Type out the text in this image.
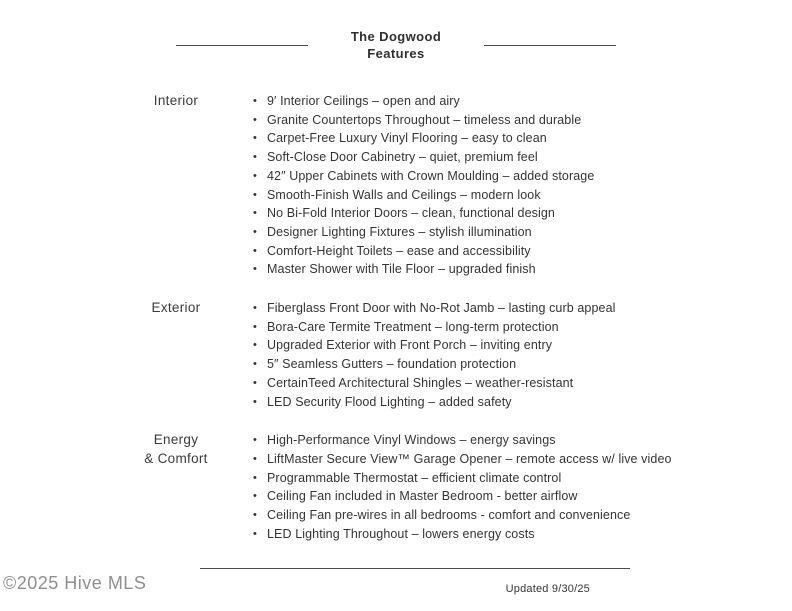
The Dogwood
Features
Interior	• 9′ Interior Ceilings – open and airy
• Granite Countertops Throughout – timeless and durable
• Carpet-Free Luxury Vinyl Flooring – easy to clean
• Soft-Close Door Cabinetry – quiet, premium feel
• 42″ Upper Cabinets with Crown Moulding – added storage
• Smooth-Finish Walls and Ceilings – modern look
• No Bi-Fold Interior Doors – clean, functional design
• Designer Lighting Fixtures – stylish illumination
• Comfort-Height Toilets – ease and accessibility
• Master Shower with Tile Floor – upgraded finish
Exterior	• Fiberglass Front Door with No-Rot Jamb – lasting curb appeal
• Bora-Care Termite Treatment – long-term protection
• Upgraded Exterior with Front Porch – inviting entry
• 5″ Seamless Gutters – foundation protection
• CertainTeed Architectural Shingles – weather-resistant
• LED Security Flood Lighting – added safety
Energy
& Comfort
• High-Performance Vinyl Windows – energy savings
• LiftMaster Secure View™ Garage Opener – remote access w/ live video
• Programmable Thermostat – efficient climate control
• Ceiling Fan included in Master Bedroom - better airflow
• Ceiling Fan pre-wires in all bedrooms - comfort and convenience
• LED Lighting Throughout – lowers energy costs
Updated 9/30/25
©2025 Hive MLS
